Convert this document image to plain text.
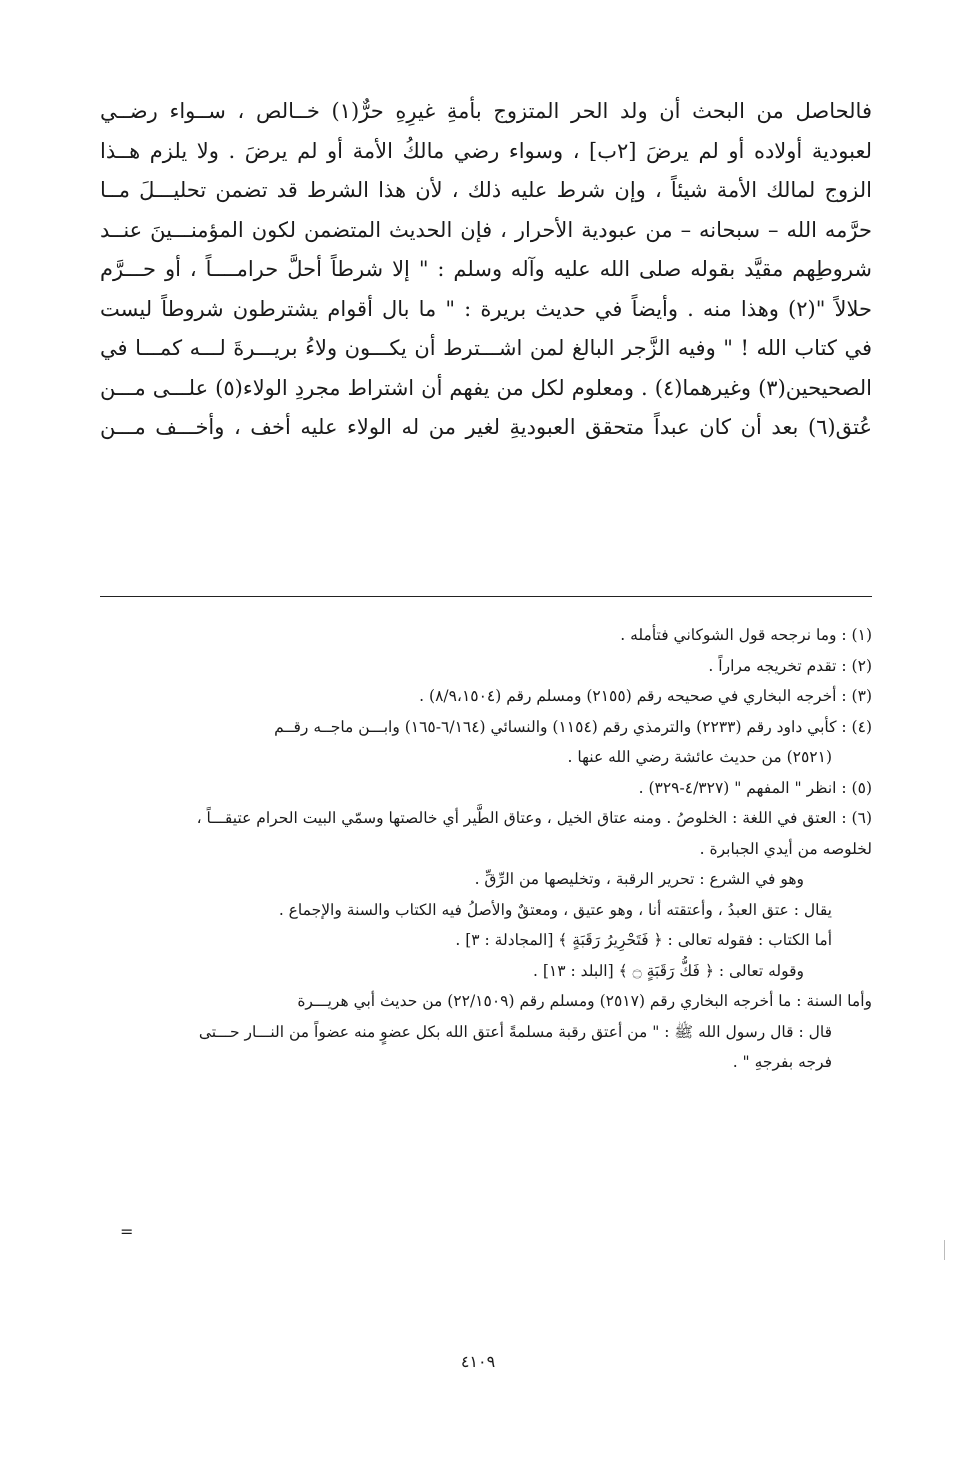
فالحاصل من البحث أن ولد الحر المتزوج بأمةِ غيرِهِ حرٌّ(١) خــالص ، ســواء رضــي
لعبودية أولاده أو لم يرضَ [٢ب] ، وسواء رضي مالكُ الأمة أو لم يرضَ . ولا يلزم هــذا
الزوج لمالك الأمة شيئاً ، وإن شرط عليه ذلك ، لأن هذا الشرط قد تضمن تحليـــلَ مــا
حرَّمه الله – سبحانه – من عبودية الأحرار ، فإن الحديث المتضمن لكون المؤمنـــينَ عنــد
شروطِهم مقيَّد بقوله صلى الله عليه وآله وسلم : " إلا شرطاً أحلَّ حرامــــاً ، أو حـــرَّم
حلالاً "(٢) وهذا منه . وأيضاً في حديث بريرة : " ما بال أقوام يشترطون شروطاً ليست
في كتاب الله ! " وفيه الزَّجر البالغ لمن اشـــترط أن يكـــون ولاءُ بريـــرةَ لـــه كمـــا في
الصحيحين(٣) وغيرهما(٤) . ومعلوم لكل من يفهم أن اشتراط مجردِ الولاء(٥) علـــى مـــن
عُتق(٦) بعد أن كان عبداً متحقق العبوديةِ لغير من له الولاء عليه أخف ، وأخـــف مـــن
(١) : وما نرجحه قول الشوكاني فتأمله .
(٢) : تقدم تخريجه مراراً .
(٣) : أخرجه البخاري في صحيحه رقم (٢١٥٥) ومسلم رقم (٨/٩،١٥٠٤) .
(٤) : كأبي داود رقم (٢٢٣٣) والترمذي رقم (١١٥٤) والنسائي (٦/١٦٤-١٦٥) وابـــن ماجــه رقــم
(٢٥٢١) من حديث عائشة رضي الله عنها .
(٥) : انظر " المفهم " (٤/٣٢٧-٣٢٩) .
(٦) : العتق في اللغة : الخلوصُ . ومنه عتاق الخيل ، وعتاق الطَّير أي خالصتها وسمّي البيت الحرام عتيقـــاً ،
لخلوصه من أيدي الجبابرة .
وهو في الشرع : تحرير الرقبة ، وتخليصها من الرِّقِّ .
يقال : عتق العبدُ ، وأعتقته أنا ، وهو عتيق ، ومعتقٌ والأصلُ فيه الكتاب والسنة والإجماع .
أما الكتاب : فقوله تعالى : ﴿ فَتَحْرِيرُ رَقَبَةٍ ﴾ [المجادلة : ٣] .
وقوله تعالى : ﴿ فَكُّ رَقَبَةٍ ۝ ﴾ [البلد : ١٣] .
وأما السنة : ما أخرجه البخاري رقم (٢٥١٧) ومسلم رقم (٢٢/١٥٠٩) من حديث أبي هريـــرة
قال : قال رسول الله ﷺ : " من أعتق رقبة مسلمةً أعتق الله بكل عضوٍ منه عضواً من النـــار حـــتى
فرجه بفرجهِ " .
=
٤١٠٩
